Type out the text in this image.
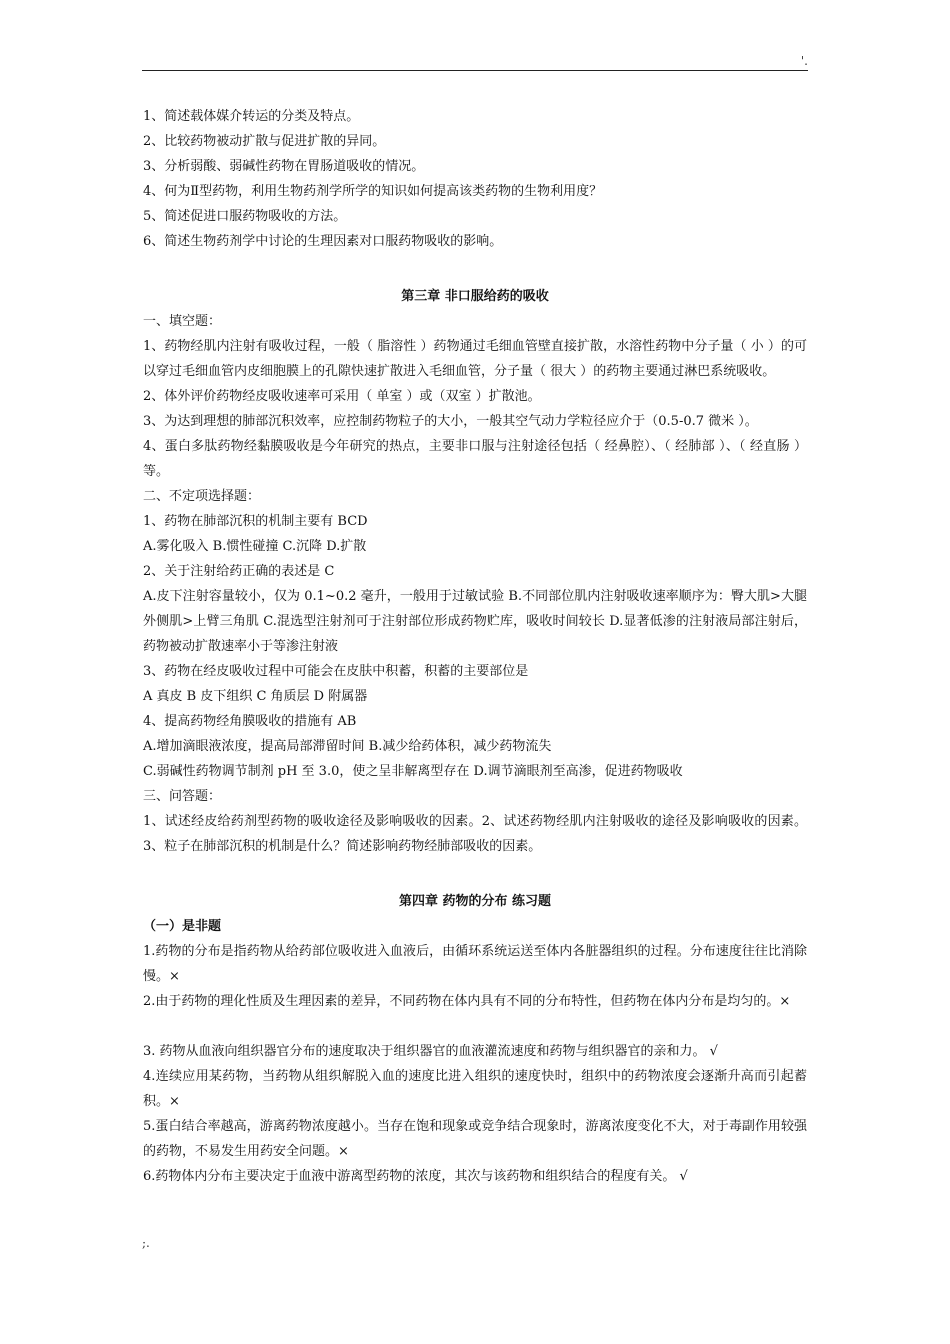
'.

1、简述载体媒介转运的分类及特点。

2、比较药物被动扩散与促进扩散的异同。

3、分析弱酸、弱碱性药物在胃肠道吸收的情况。

4、何为Ⅱ型药物，利用生物药剂学所学的知识如何提高该类药物的生物利用度？

5、简述促进口服药物吸收的方法。

6、简述生物药剂学中讨论的生理因素对口服药物吸收的影响。

第三章 非口服给药的吸收

一、填空题：

1、药物经肌内注射有吸收过程，一般（ 脂溶性 ）药物通过毛细血管壁直接扩散，水溶性药物中分子量（ 小 ）的可以穿过毛细血管内皮细胞膜上的孔隙快速扩散进入毛细血管，分子量（ 很大 ）的药物主要通过淋巴系统吸收。

2、体外评价药物经皮吸收速率可采用（ 单室 ）或（双室 ）扩散池。

3、为达到理想的肺部沉积效率，应控制药物粒子的大小，一般其空气动力学粒径应介于（0.5-0.7 微米 ）。

4、蛋白多肽药物经黏膜吸收是今年研究的热点，主要非口服与注射途径包括（ 经鼻腔）、（ 经肺部 ）、（ 经直肠 ）等。

二、不定项选择题：

1、药物在肺部沉积的机制主要有 BCD

A.雾化吸入 B.惯性碰撞 C.沉降 D.扩散

2、关于注射给药正确的表述是 C

A.皮下注射容量较小，仅为 0.1~0.2 毫升，一般用于过敏试验 B.不同部位肌内注射吸收速率顺序为：臀大肌>大腿外侧肌>上臂三角肌 C.混选型注射剂可于注射部位形成药物贮库，吸收时间较长 D.显著低渗的注射液局部注射后，药物被动扩散速率小于等渗注射液

3、药物在经皮吸收过程中可能会在皮肤中积蓄，积蓄的主要部位是

A 真皮 B 皮下组织 C 角质层 D 附属器

4、提高药物经角膜吸收的措施有 AB

A.增加滴眼液浓度，提高局部滞留时间 B.减少给药体积，减少药物流失

C.弱碱性药物调节制剂 pH 至 3.0，使之呈非解离型存在 D.调节滴眼剂至高渗，促进药物吸收

三、问答题：

1、试述经皮给药剂型药物的吸收途径及影响吸收的因素。2、试述药物经肌内注射吸收的途径及影响吸收的因素。3、粒子在肺部沉积的机制是什么？简述影响药物经肺部吸收的因素。

第四章 药物的分布 练习题

（一）是非题

1.药物的分布是指药物从给药部位吸收进入血液后，由循环系统运送至体内各脏器组织的过程。分布速度往往比消除慢。×

2.由于药物的理化性质及生理因素的差异，不同药物在体内具有不同的分布特性，但药物在体内分布是均匀的。×

3. 药物从血液向组织器官分布的速度取决于组织器官的血液灌流速度和药物与组织器官的亲和力。 √

4.连续应用某药物，当药物从组织解脱入血的速度比进入组织的速度快时，组织中的药物浓度会逐渐升高而引起蓄积。×

5.蛋白结合率越高，游离药物浓度越小。当存在饱和现象或竞争结合现象时，游离浓度变化不大，对于毒副作用较强的药物，不易发生用药安全问题。×

6.药物体内分布主要决定于血液中游离型药物的浓度，其次与该药物和组织结合的程度有关。 √

;.
